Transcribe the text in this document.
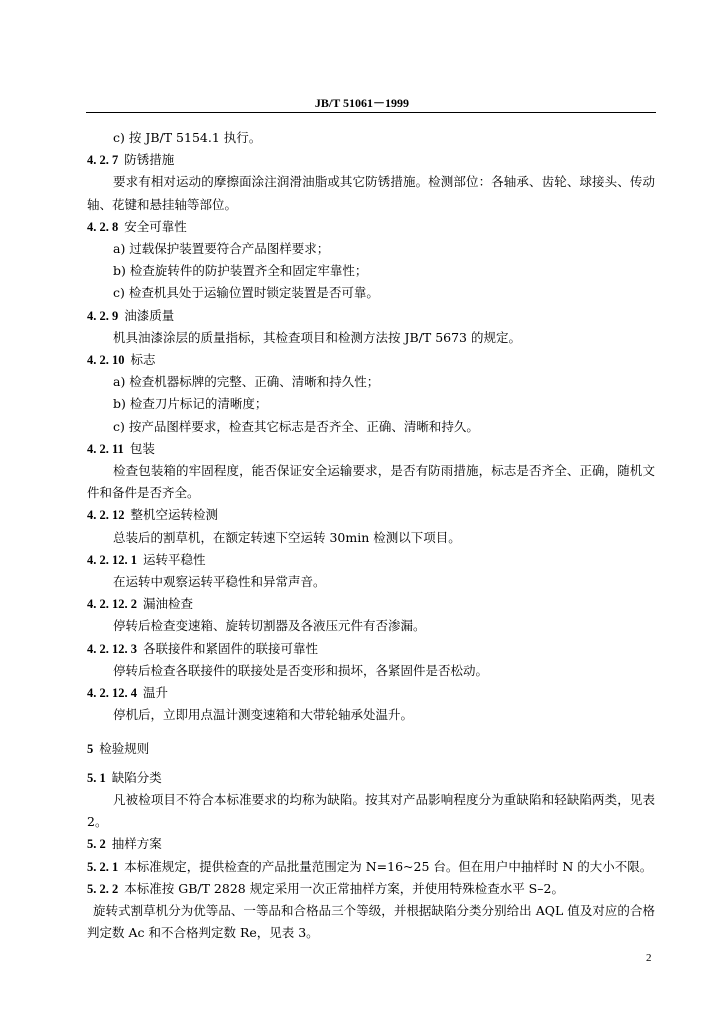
JB/T 51061－1999

c) 按 JB/T 5154.1 执行。

4. 2. 7 防锈措施

要求有相对运动的摩擦面涂注润滑油脂或其它防锈措施。检测部位：各轴承、齿轮、球接头、传动轴、花键和悬挂轴等部位。

4. 2. 8 安全可靠性

a) 过载保护装置要符合产品图样要求；

b) 检查旋转件的防护装置齐全和固定牢靠性；

c) 检查机具处于运输位置时锁定装置是否可靠。

4. 2. 9 油漆质量

机具油漆涂层的质量指标，其检查项目和检测方法按 JB/T 5673 的规定。

4. 2. 10 标志

a) 检查机器标牌的完整、正确、清晰和持久性；

b) 检查刀片标记的清晰度；

c) 按产品图样要求，检查其它标志是否齐全、正确、清晰和持久。

4. 2. 11 包装

检查包装箱的牢固程度，能否保证安全运输要求，是否有防雨措施，标志是否齐全、正确，随机文件和备件是否齐全。

4. 2. 12 整机空运转检测

总装后的割草机，在额定转速下空运转 30min 检测以下项目。

4. 2. 12. 1 运转平稳性

在运转中观察运转平稳性和异常声音。

4. 2. 12. 2 漏油检查

停转后检查变速箱、旋转切割器及各液压元件有否渗漏。

4. 2. 12. 3 各联接件和紧固件的联接可靠性

停转后检查各联接件的联接处是否变形和损坏，各紧固件是否松动。

4. 2. 12. 4 温升

停机后，立即用点温计测变速箱和大带轮轴承处温升。

5 检验规则

5. 1 缺陷分类

凡被检项目不符合本标准要求的均称为缺陷。按其对产品影响程度分为重缺陷和轻缺陷两类，见表 2。

5. 2 抽样方案

5. 2. 1 本标准规定，提供检查的产品批量范围定为 N=16~25 台。但在用户中抽样时 N 的大小不限。

5. 2. 2 本标准按 GB/T 2828 规定采用一次正常抽样方案，并使用特殊检查水平 S–2。

旋转式割草机分为优等品、一等品和合格品三个等级，并根据缺陷分类分别给出 AQL 值及对应的合格判定数 Ac 和不合格判定数 Re，见表 3。

2
